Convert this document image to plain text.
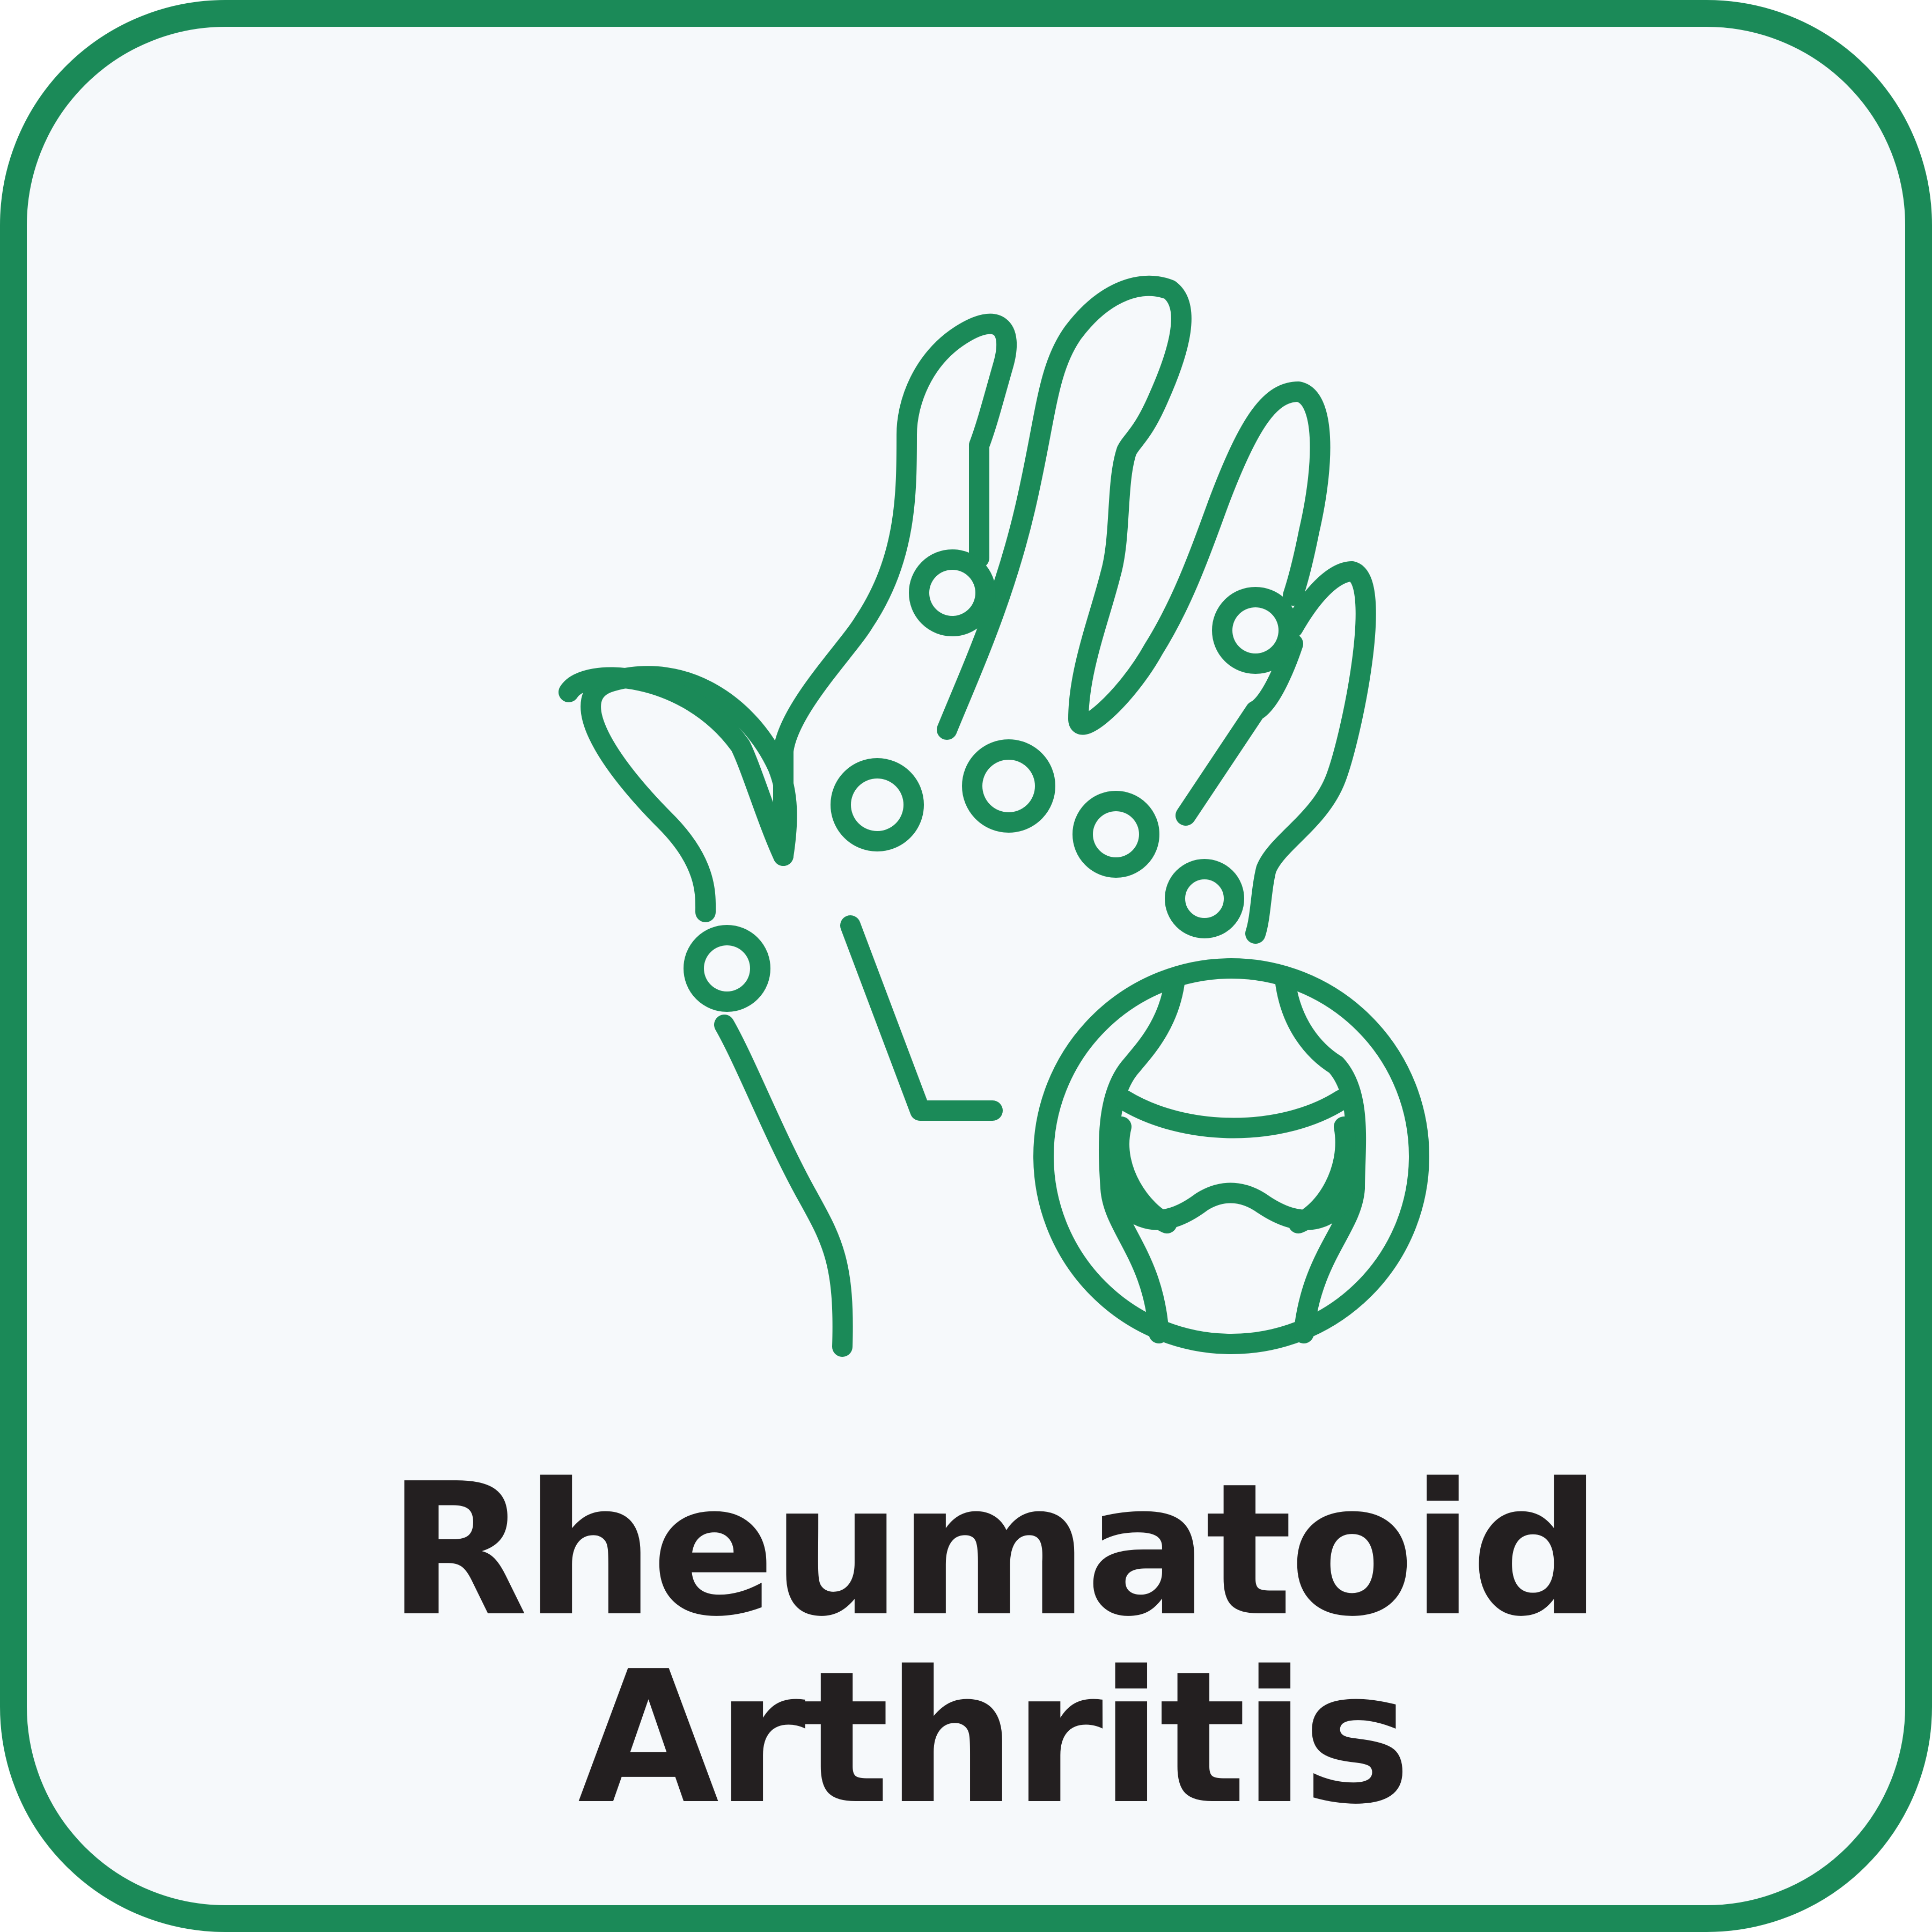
Rheumatoid
Arthritis
